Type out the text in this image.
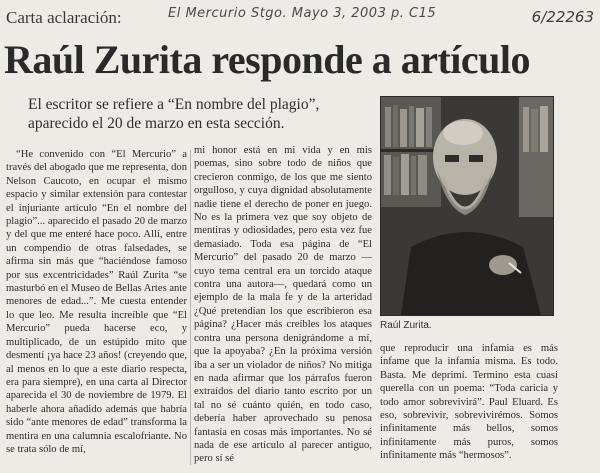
Carta aclaración:	El Mercurio Stgo. Mayo 3, 2003 p. C15	6/22263
Raúl Zurita responde a artículo
El escritor se refiere a “En nombre del plagio”, aparecido el 20 de marzo en esta sección.

“He convenido con “El Mercurio” a través del abogado que me representa, don Nelson Caucoto, en ocupar el mismo espacio y similar extensión para contestar el injuriante artículo “En el nombre del plagio”... aparecido el pasado 20 de marzo y del que me enteré hace poco. Allí, entre un compendio de otras falsedades, se afirma sin más que “haciéndose famoso por sus excentricidades” Raúl Zurita “se masturbó en el Museo de Bellas Artes ante menores de edad...”. Me cuesta entender lo que leo. Me resulta increíble que “El Mercurio” pueda hacerse eco, y multiplicado, de un estúpido mito que desmentí ¡ya hace 23 años! (creyendo que, al menos en lo que a este diario respecta, era para siempre), en una carta al Director aparecida el 30 de noviembre de 1979. El haberle ahora añadido además que habría sido “ante menores de edad” transforma la mentira en una calumnia escalofriante. No se trata sólo de mí,

mi honor está en mi vida y en mis poemas, sino sobre todo de niños que crecieron conmigo, de los que me siento orgulloso, y cuya dignidad absolutamente nadie tiene el derecho de poner en juego. No es la primera vez que soy objeto de mentiras y odiosidades, pero esta vez fue demasiado. Toda esa página de “El Mercurio” del pasado 20 de marzo —cuyo tema central era un torcido ataque contra una autora—, quedará como un ejemplo de la mala fe y de la arteridad ¿Qué pretendían los que escribieron esa página? ¿Hacer más creíbles los ataques contra una persona denigrándome a mí, que la apoyaba? ¿En la próxima versión iba a ser un violador de niños? No mitiga en nada afirmar que los párrafos fueron extraídos del diario tanto escrito por un tal no sé cuánto quién, en todo caso, debería haber aprovechado su penosa fantasía en cosas más importantes. No sé nada de ese artículo al parecer antiguo, pero sí sé

Raúl Zurita.

que reproducir una infamia es más infame que la infamia misma. Es todo. Basta. Me deprimí. Termino esta cuasi querella con un poema: “Toda caricia y todo amor sobrevivirá”. Paul Eluard. Es eso, sobrevivir, sobrevivirémos. Somos infinitamente más bellos, somos infinitamente más puros, somos infinitamente más “hermosos”.
